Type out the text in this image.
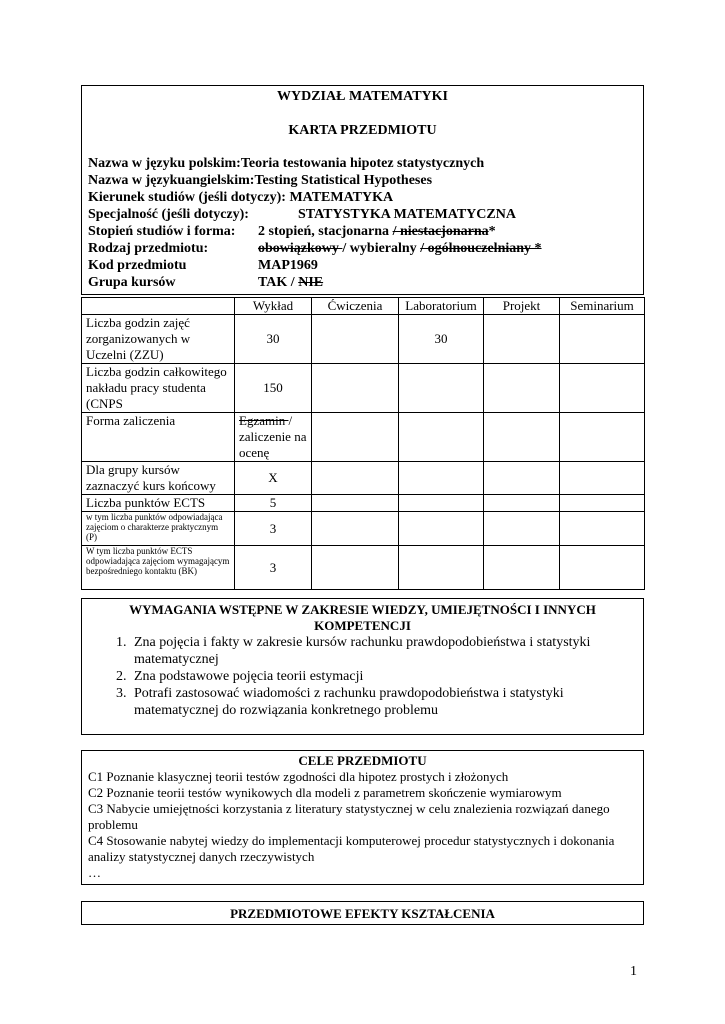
WYDZIAŁ MATEMATYKI
KARTA PRZEDMIOTU
Nazwa w języku polskim:Teoria testowania hipotez statystycznych
Nazwa w językuangielskim:Testing Statistical Hypotheses
Kierunek studiów (jeśli dotyczy): MATEMATYKA
Specjalność (jeśli dotyczy):	STATYSTYKA MATEMATYCZNA
Stopień studiów i forma: 2 stopień, stacjonarna / niestacjonarna*
Rodzaj przedmiotu:	obowiązkowy / wybieralny / ogólnouczelniany *
Kod przedmiotu	MAP1969
Grupa kursów	TAK / NIE
	Wykład	Ćwiczenia	Laboratorium	Projekt	Seminarium
Liczba godzin zajęć zorganizowanych w Uczelni (ZZU)	30		30		
Liczba godzin całkowitego nakładu pracy studenta (CNPS	150				
Forma zaliczenia	Egzamin / zaliczenie na ocenę				
Dla grupy kursów zaznaczyć kurs końcowy	X				
Liczba punktów ECTS	5				
w tym liczba punktów odpowiadająca zajęciom o charakterze praktycznym (P)	3				
W tym liczba punktów ECTS odpowiadająca zajęciom wymagającym bezpośredniego kontaktu (BK)	3				
WYMAGANIA WSTĘPNE W ZAKRESIE WIEDZY, UMIEJĘTNOŚCI I INNYCH KOMPETENCJI
1. Zna pojęcia i fakty w zakresie kursów rachunku prawdopodobieństwa i statystyki matematycznej
2. Zna podstawowe pojęcia teorii estymacji
3. Potrafi zastosować wiadomości z rachunku prawdopodobieństwa i statystyki matematycznej do rozwiązania konkretnego problemu
CELE PRZEDMIOTU
C1 Poznanie klasycznej teorii testów zgodności dla hipotez prostych i złożonych
C2 Poznanie teorii testów wynikowych dla modeli z parametrem skończenie wymiarowym
C3 Nabycie umiejętności korzystania z literatury statystycznej w celu znalezienia rozwiązań danego problemu
C4 Stosowanie nabytej wiedzy do implementacji komputerowej procedur statystycznych i dokonania analizy statystycznej danych rzeczywistych
…
PRZEDMIOTOWE EFEKTY KSZTAŁCENIA
1
